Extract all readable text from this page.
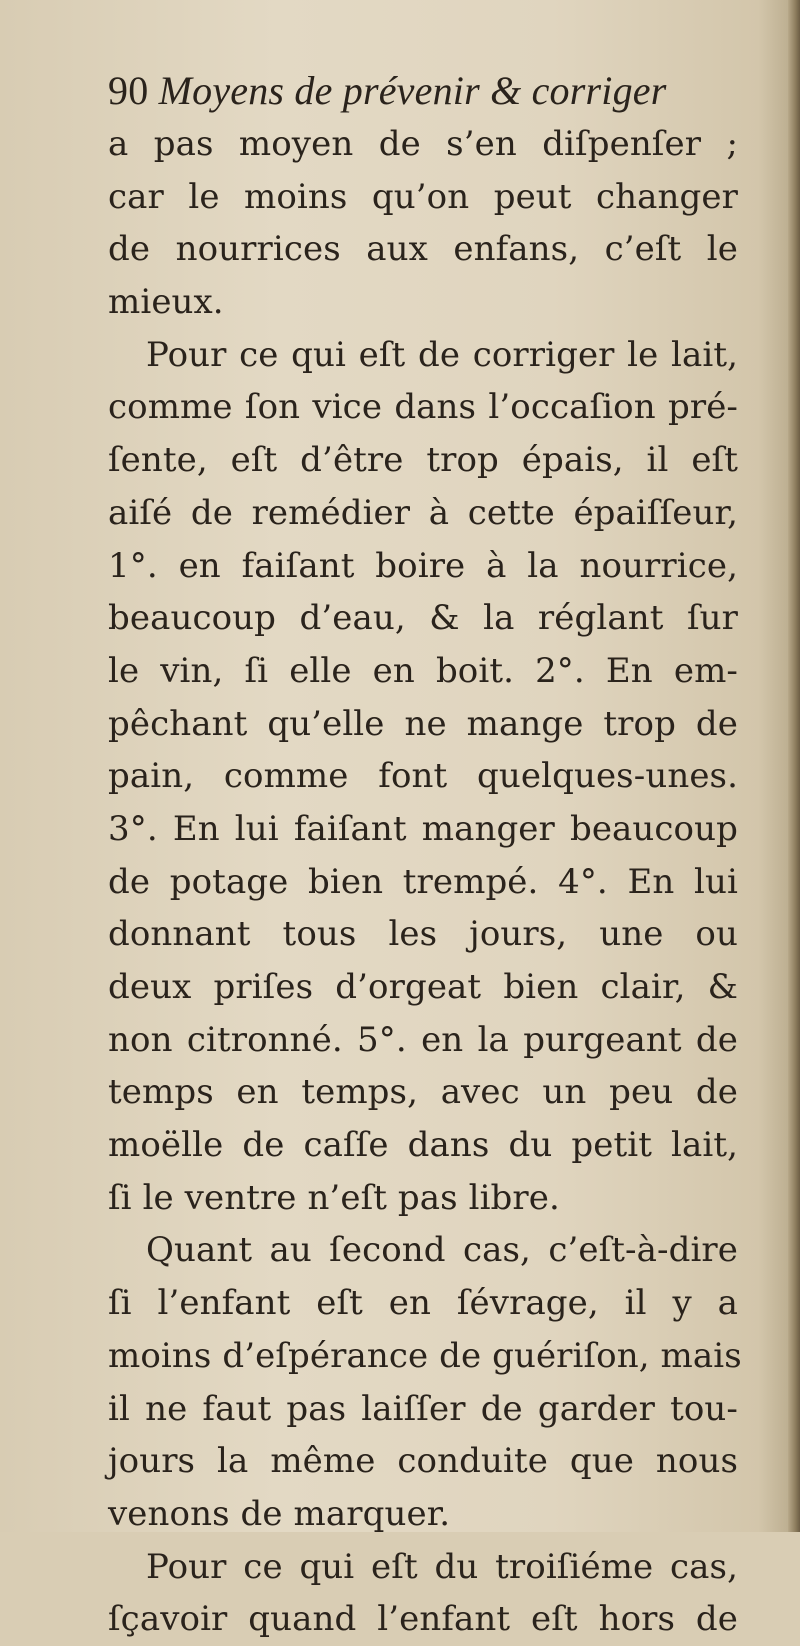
90 Moyens de prévenir & corriger
a pas moyen de s’en diſpenſer ;
car le moins qu’on peut changer
de nourrices aux enfans, c’eſt le
mieux.
Pour ce qui eſt de corriger le lait,
comme ſon vice dans l’occaſion pré-
ſente, eſt d’être trop épais, il eſt
aiſé de remédier à cette épaiſſeur,
1°. en faiſant boire à la nourrice,
beaucoup d’eau, & la réglant ſur
le vin, ſi elle en boit. 2°. En em-
pêchant qu’elle ne mange trop de
pain, comme font quelques-unes.
3°. En lui faiſant manger beaucoup
de potage bien trempé. 4°. En lui
donnant tous les jours, une ou
deux priſes d’orgeat bien clair, &
non citronné. 5°. en la purgeant de
temps en temps, avec un peu de
moëlle de caſſe dans du petit lait,
ſi le ventre n’eſt pas libre.
Quant au ſecond cas, c’eſt-à-dire
ſi l’enfant eſt en ſévrage, il y a
moins d’eſpérance de guériſon, mais
il ne faut pas laiſſer de garder tou-
jours la même conduite que nous
venons de marquer.
Pour ce qui eſt du troiſiéme cas,
ſçavoir quand l’enfant eſt hors de
